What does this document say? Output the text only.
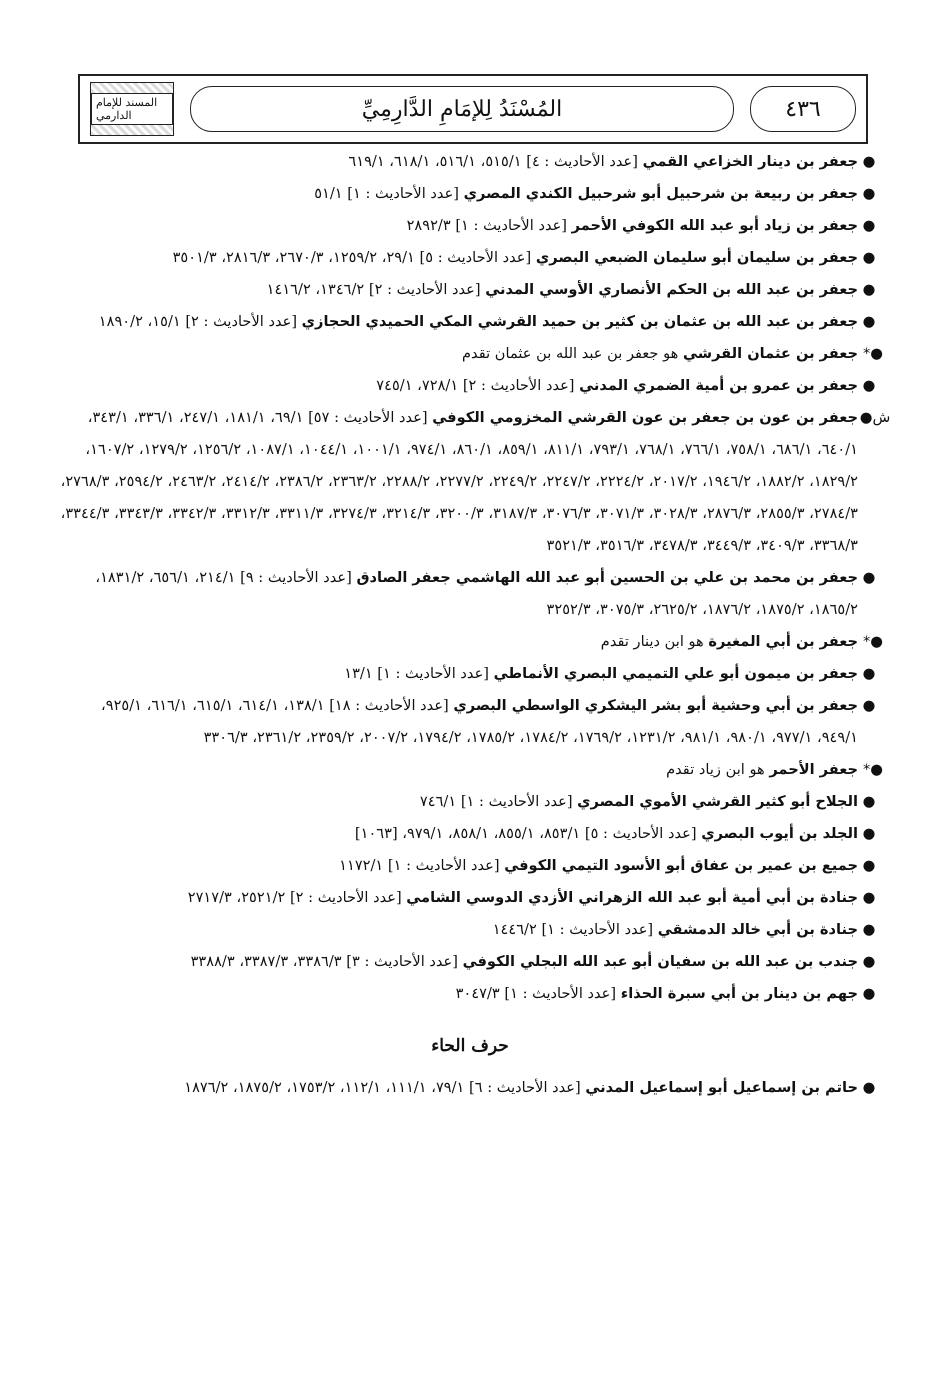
المسند للإمام الدارمي	المُسْنَدُ لِلإمَامِ الدَّارِمِيِّ	٤٣٦

●
جعفر بن دينار الخزاعي القمي [عدد الأحاديث : ٤] ٥١٥/١، ٥١٦/١، ٦١٨/١، ٦١٩/١

●
جعفر بن ربيعة بن شرحبيل أبو شرحبيل الكندي المصري [عدد الأحاديث : ١] ٥١/١

●
جعفر بن زياد أبو عبد الله الكوفي الأحمر [عدد الأحاديث : ١] ٢٨٩٢/٣

●
جعفر بن سليمان أبو سليمان الضبعي البصري [عدد الأحاديث : ٥] ٢٩/١، ١٢٥٩/٢، ٢٦٧٠/٣، ٢٨١٦/٣، ٣٥٠١/٣

●
جعفر بن عبد الله بن الحكم الأنصاري الأوسي المدني [عدد الأحاديث : ٢] ١٣٤٦/٢، ١٤١٦/٢

●
جعفر بن عبد الله بن عثمان بن كثير بن حميد القرشي المكي الحميدي الحجازي [عدد الأحاديث : ٢] ١٥/١، ١٨٩٠/٢

●*
جعفر بن عثمان القرشي هو جعفر بن عبد الله بن عثمان تقدم

●
جعفر بن عمرو بن أمية الضمري المدني [عدد الأحاديث : ٢] ٧٢٨/١، ٧٤٥/١

ش●
جعفر بن عون بن جعفر بن عون القرشي المخزومي الكوفي [عدد الأحاديث : ٥٧] ٦٩/١، ١٨١/١، ٢٤٧/١، ٣٣٦/١، ٣٤٣/١، ٦٤٠/١، ٦٨٦/١، ٧٥٨/١، ٧٦٦/١، ٧٦٨/١، ٧٩٣/١، ٨١١/١، ٨٥٩/١، ٨٦٠/١، ٩٧٤/١، ١٠٠١/١، ١٠٤٤/١، ١٠٨٧/١، ١٢٥٦/٢، ١٢٧٩/٢، ١٦٠٧/٢، ١٨٢٩/٢، ١٨٨٢/٢، ١٩٤٦/٢، ٢٠١٧/٢، ٢٢٢٤/٢، ٢٢٤٧/٢، ٢٢٤٩/٢، ٢٢٧٧/٢، ٢٢٨٨/٢، ٢٣٦٣/٢، ٢٣٨٦/٢، ٢٤١٤/٢، ٢٤٦٣/٢، ٢٥٩٤/٢، ٢٧٦٨/٣، ٢٧٨٤/٣، ٢٨٥٥/٣، ٢٨٧٦/٣، ٣٠٢٨/٣، ٣٠٧١/٣، ٣٠٧٦/٣، ٣١٨٧/٣، ٣٢٠٠/٣، ٣٢١٤/٣، ٣٢٧٤/٣، ٣٣١١/٣، ٣٣١٢/٣، ٣٣٤٢/٣، ٣٣٤٣/٣، ٣٣٤٤/٣، ٣٣٦٨/٣، ٣٤٠٩/٣، ٣٤٤٩/٣، ٣٤٧٨/٣، ٣٥١٦/٣، ٣٥٢١/٣

●
جعفر بن محمد بن علي بن الحسين أبو عبد الله الهاشمي جعفر الصادق [عدد الأحاديث : ٩] ٢١٤/١، ٦٥٦/١، ١٨٣١/٢، ١٨٦٥/٢، ١٨٧٥/٢، ١٨٧٦/٢، ٢٦٢٥/٢، ٣٠٧٥/٣، ٣٢٥٢/٣

●*
جعفر بن أبي المغيرة هو ابن دينار تقدم

●
جعفر بن ميمون أبو علي التميمي البصري الأنماطي [عدد الأحاديث : ١] ١٣/١

●
جعفر بن أبي وحشية أبو بشر اليشكري الواسطي البصري [عدد الأحاديث : ١٨] ١٣٨/١، ٦١٤/١، ٦١٥/١، ٦١٦/١، ٩٢٥/١، ٩٤٩/١، ٩٧٧/١، ٩٨٠/١، ٩٨١/١، ١٢٣١/٢، ١٧٦٩/٢، ١٧٨٤/٢، ١٧٨٥/٢، ١٧٩٤/٢، ٢٠٠٧/٢، ٢٣٥٩/٢، ٢٣٦١/٢، ٣٣٠٦/٣

●*
جعفر الأحمر هو ابن زياد تقدم

●
الجلاح أبو كثير القرشي الأموي المصري [عدد الأحاديث : ١] ٧٤٦/١

●
الجلد بن أيوب البصري [عدد الأحاديث : ٥] ٨٥٣/١، ٨٥٥/١، ٨٥٨/١، ٩٧٩/١، [١٠٦٣]

●
جميع بن عمير بن عفاق أبو الأسود التيمي الكوفي [عدد الأحاديث : ١] ١١٧٢/١

●
جنادة بن أبي أمية أبو عبد الله الزهراني الأزدي الدوسي الشامي [عدد الأحاديث : ٢] ٢٥٢١/٢، ٢٧١٧/٣

●
جنادة بن أبي خالد الدمشقي [عدد الأحاديث : ١] ١٤٤٦/٢

●
جندب بن عبد الله بن سفيان أبو عبد الله البجلي الكوفي [عدد الأحاديث : ٣] ٣٣٨٦/٣، ٣٣٨٧/٣، ٣٣٨٨/٣

●
جهم بن دينار بن أبي سبرة الحذاء [عدد الأحاديث : ١] ٣٠٤٧/٣

حرف الحاء

●
حاتم بن إسماعيل أبو إسماعيل المدني [عدد الأحاديث : ٦] ٧٩/١، ١١١/١، ١١٢/١، ١٧٥٣/٢، ١٨٧٥/٢، ١٨٧٦/٢
